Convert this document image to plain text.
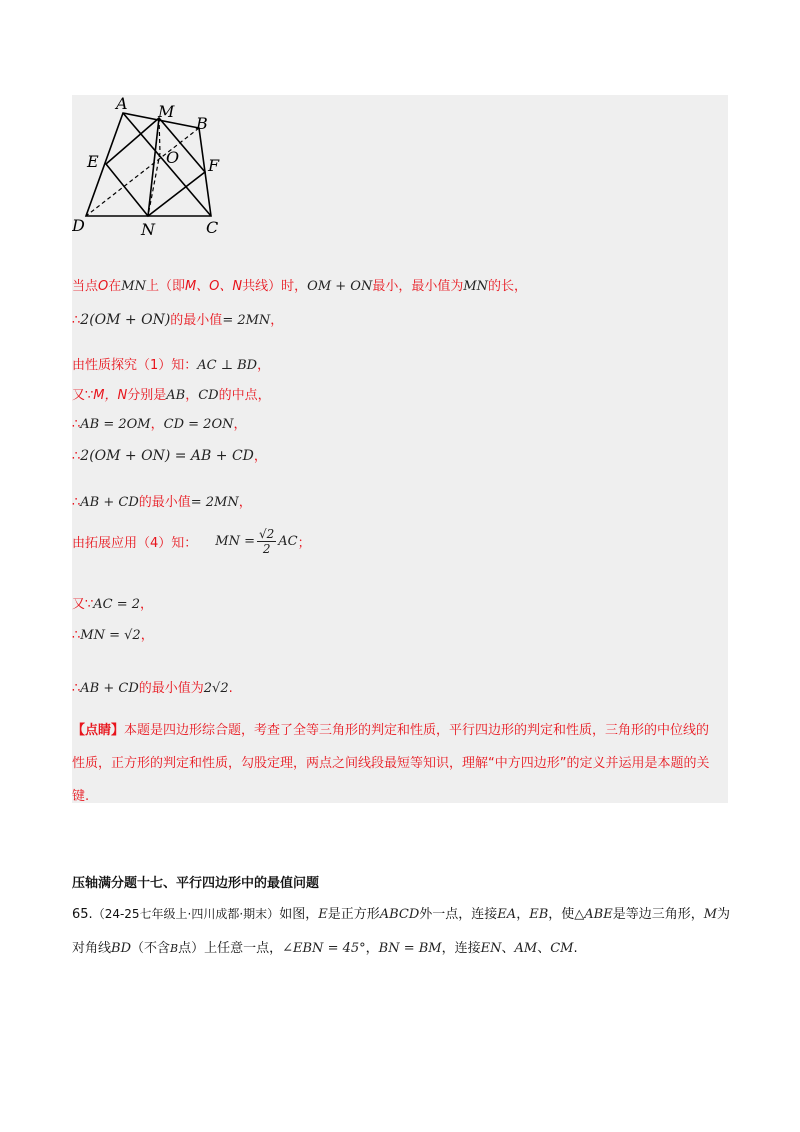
A M
B
E	O F
D	N	C
当点O在MN上（即M、O、N共线）时，OM + ON最小，最小值为MN的长，
∴2(OM + ON)的最小值= 2MN，
由性质探究（1）知：AC ⊥ BD，
又∵M，N分别是AB，CD的中点，
∴AB = 2OM，CD = 2ON，
∴2(OM + ON) = AB + CD，
∴AB + CD的最小值= 2MN，
由拓展应用（4）知： MN = $\frac{√2}{2}$ AC；
又∵AC = 2，
∴MN = √2，
∴AB + CD的最小值为2√2.
【点睛】本题是四边形综合题，考查了全等三角形的判定和性质，平行四边形的判定和性质，三角形的中位线的性质，正方形的判定和性质，勾股定理，两点之间线段最短等知识，理解“中方四边形”的定义并运用是本题的关键.
压轴满分题十七、平行四边形中的最值问题
65.（24-25七年级上·四川成都·期末）如图，E是正方形ABCD外一点，连接EA，EB，使△ABE是等边三角形，M为对角线BD（不含B点）上任意一点，∠EBN = 45°，BN = BM，连接EN、AM、CM.
